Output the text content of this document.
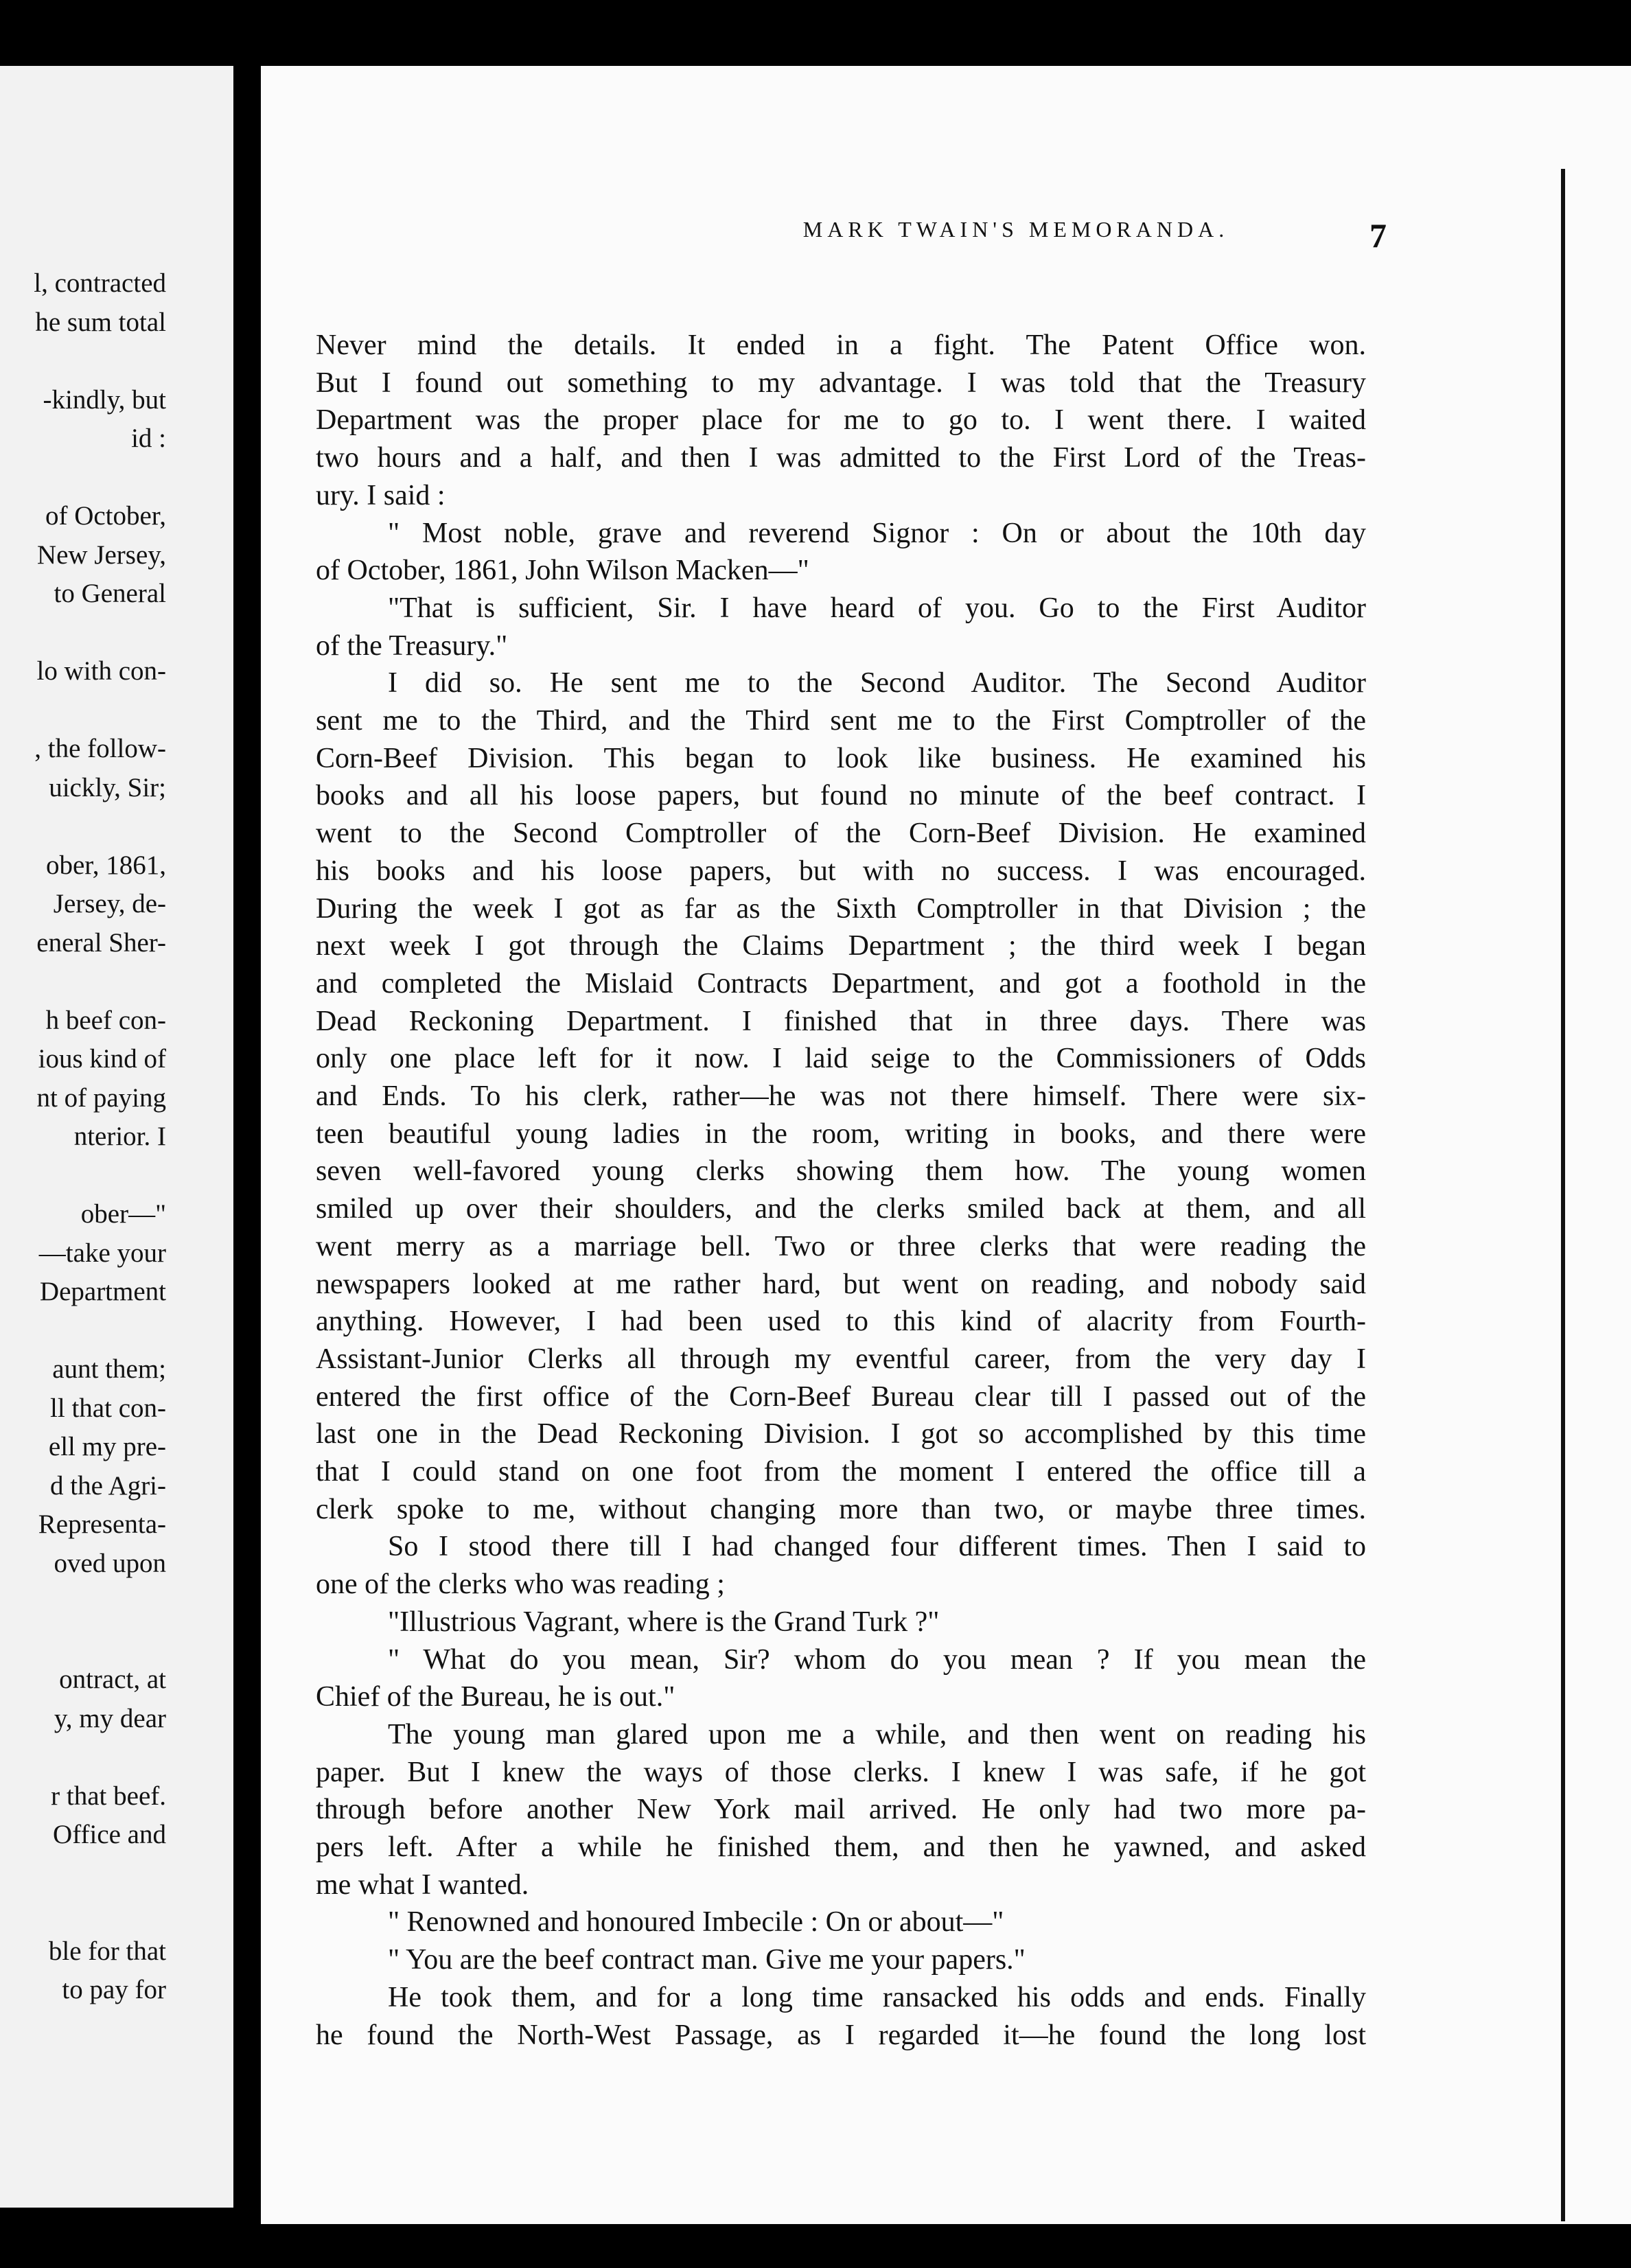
l, contracted
he sum total
-kindly, but
id :
of October,
New Jersey,
to General
lo with con-
, the follow-
uickly, Sir;
ober, 1861,
Jersey, de-
eneral Sher-
h beef con-
ious kind of
nt of paying
nterior. I
ober—"
—take your
Department
aunt them;
ll that con-
ell my pre-
d the Agri-
Representa-
oved upon
ontract, at
y, my dear
r that beef.
Office and
ble for that
to pay for
MARK TWAIN'S MEMORANDA.	7
Never mind the details. It ended in a fight. The Patent Office won.
But I found out something to my advantage. I was told that the Treasury
Department was the proper place for me to go to. I went there. I waited
two hours and a half, and then I was admitted to the First Lord of the Treas-
ury. I said :
" Most noble, grave and reverend Signor : On or about the 10th day
of October, 1861, John Wilson Macken—"
"That is sufficient, Sir. I have heard of you. Go to the First Auditor
of the Treasury."
I did so. He sent me to the Second Auditor. The Second Auditor
sent me to the Third, and the Third sent me to the First Comptroller of the
Corn-Beef Division. This began to look like business. He examined his
books and all his loose papers, but found no minute of the beef contract. I
went to the Second Comptroller of the Corn-Beef Division. He examined
his books and his loose papers, but with no success. I was encouraged.
During the week I got as far as the Sixth Comptroller in that Division ; the
next week I got through the Claims Department ; the third week I began
and completed the Mislaid Contracts Department, and got a foothold in the
Dead Reckoning Department. I finished that in three days. There was
only one place left for it now. I laid seige to the Commissioners of Odds
and Ends. To his clerk, rather—he was not there himself. There were six-
teen beautiful young ladies in the room, writing in books, and there were
seven well-favored young clerks showing them how. The young women
smiled up over their shoulders, and the clerks smiled back at them, and all
went merry as a marriage bell. Two or three clerks that were reading the
newspapers looked at me rather hard, but went on reading, and nobody said
anything. However, I had been used to this kind of alacrity from Fourth-
Assistant-Junior Clerks all through my eventful career, from the very day I
entered the first office of the Corn-Beef Bureau clear till I passed out of the
last one in the Dead Reckoning Division. I got so accomplished by this time
that I could stand on one foot from the moment I entered the office till a
clerk spoke to me, without changing more than two, or maybe three times.
So I stood there till I had changed four different times. Then I said to
one of the clerks who was reading ;
"Illustrious Vagrant, where is the Grand Turk ?"
" What do you mean, Sir? whom do you mean ? If you mean the
Chief of the Bureau, he is out."
The young man glared upon me a while, and then went on reading his
paper. But I knew the ways of those clerks. I knew I was safe, if he got
through before another New York mail arrived. He only had two more pa-
pers left. After a while he finished them, and then he yawned, and asked
me what I wanted.
" Renowned and honoured Imbecile : On or about—"
" You are the beef contract man. Give me your papers."
He took them, and for a long time ransacked his odds and ends. Finally
he found the North-West Passage, as I regarded it—he found the long lost
